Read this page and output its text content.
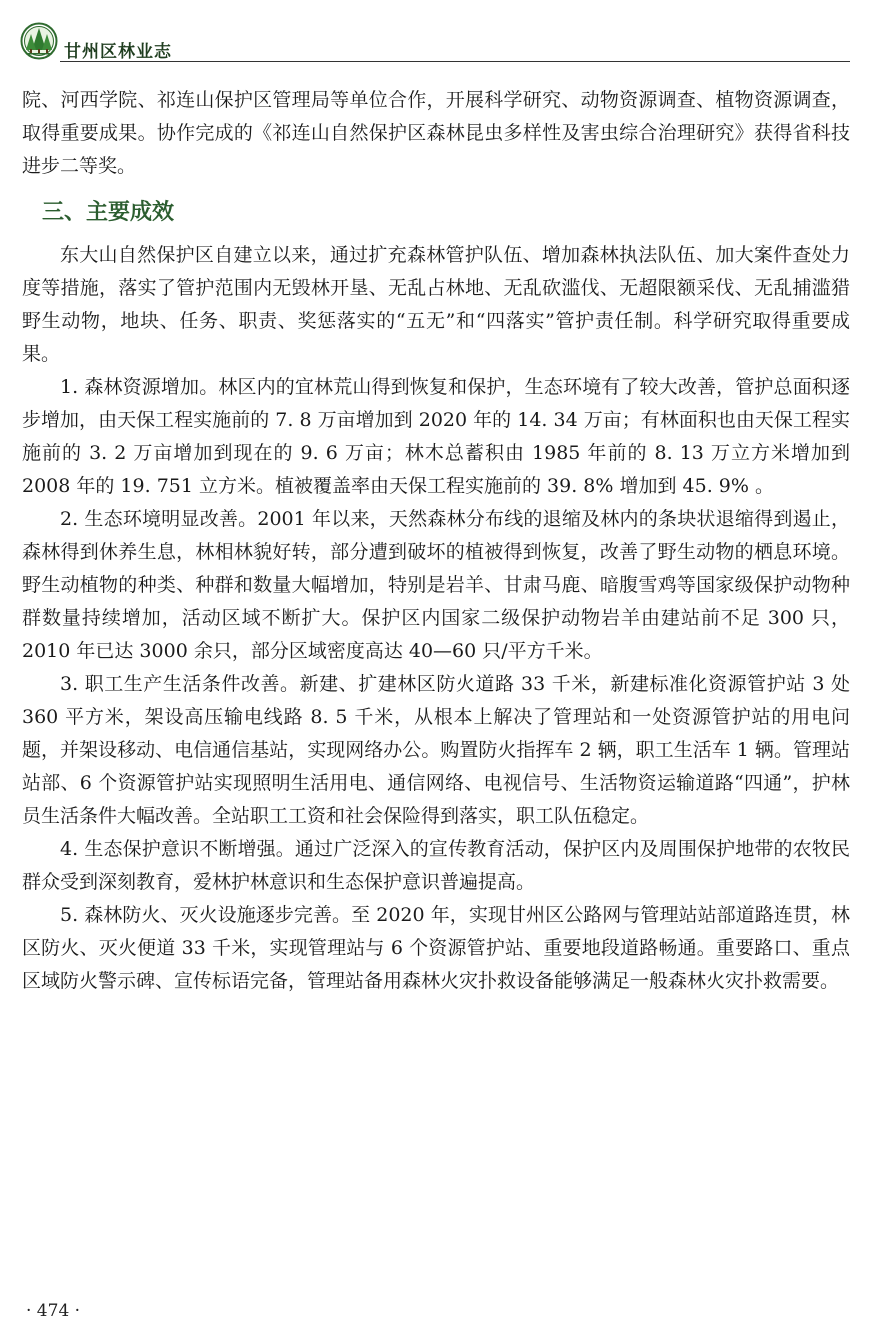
甘州区林业志

院、河西学院、祁连山保护区管理局等单位合作，开展科学研究、动物资源调查、植物资源调查，取得重要成果。协作完成的《祁连山自然保护区森林昆虫多样性及害虫综合治理研究》获得省科技进步二等奖。

三、主要成效

东大山自然保护区自建立以来，通过扩充森林管护队伍、增加森林执法队伍、加大案件查处力度等措施，落实了管护范围内无毁林开垦、无乱占林地、无乱砍滥伐、无超限额采伐、无乱捕滥猎野生动物，地块、任务、职责、奖惩落实的“五无”和“四落实”管护责任制。科学研究取得重要成果。

1. 森林资源增加。林区内的宜林荒山得到恢复和保护，生态环境有了较大改善，管护总面积逐步增加，由天保工程实施前的 7. 8 万亩增加到 2020 年的 14. 34 万亩；有林面积也由天保工程实施前的 3. 2 万亩增加到现在的 9. 6 万亩；林木总蓄积由 1985 年前的 8. 13 万立方米增加到 2008 年的 19. 751 立方米。植被覆盖率由天保工程实施前的 39. 8% 增加到 45. 9% 。

2. 生态环境明显改善。2001 年以来，天然森林分布线的退缩及林内的条块状退缩得到遏止，森林得到休养生息，林相林貌好转，部分遭到破坏的植被得到恢复，改善了野生动物的栖息环境。野生动植物的种类、种群和数量大幅增加，特别是岩羊、甘肃马鹿、暗腹雪鸡等国家级保护动物种群数量持续增加，活动区域不断扩大。保护区内国家二级保护动物岩羊由建站前不足 300 只，2010 年已达 3000 余只，部分区域密度高达 40—60 只/平方千米。

3. 职工生产生活条件改善。新建、扩建林区防火道路 33 千米，新建标准化资源管护站 3 处 360 平方米，架设高压输电线路 8. 5 千米，从根本上解决了管理站和一处资源管护站的用电问题，并架设移动、电信通信基站，实现网络办公。购置防火指挥车 2 辆，职工生活车 1 辆。管理站站部、6 个资源管护站实现照明生活用电、通信网络、电视信号、生活物资运输道路“四通”，护林员生活条件大幅改善。全站职工工资和社会保险得到落实，职工队伍稳定。

4. 生态保护意识不断增强。通过广泛深入的宣传教育活动，保护区内及周围保护地带的农牧民群众受到深刻教育，爱林护林意识和生态保护意识普遍提高。

5. 森林防火、灭火设施逐步完善。至 2020 年，实现甘州区公路网与管理站站部道路连贯，林区防火、灭火便道 33 千米，实现管理站与 6 个资源管护站、重要地段道路畅通。重要路口、重点区域防火警示碑、宣传标语完备，管理站备用森林火灾扑救设备能够满足一般森林火灾扑救需要。

· 474 ·
